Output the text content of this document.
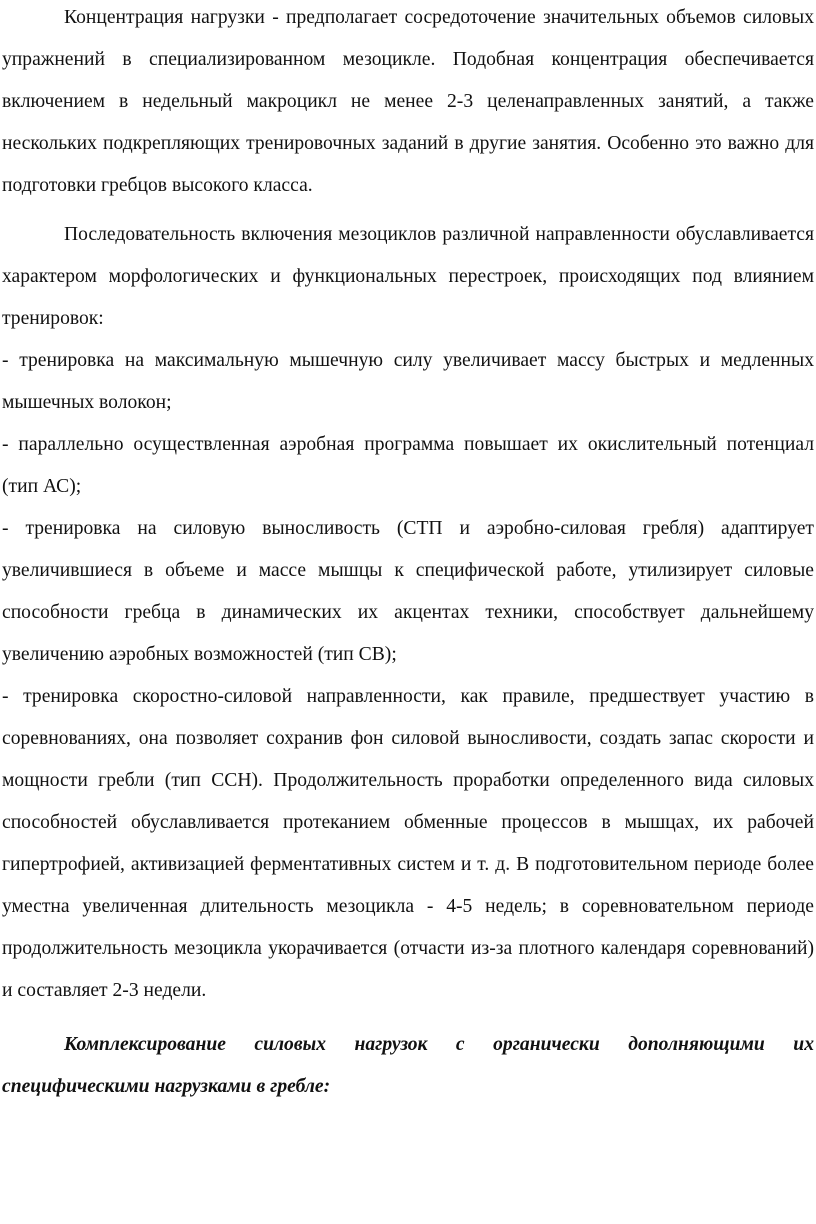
Концентрация нагрузки - предполагает сосредоточение значительных объемов силовых упражнений в специализированном мезоцикле. Подобная концентрация обеспечивается включением в недельный макроцикл не менее 2-3 целенаправленных занятий, а также нескольких подкрепляющих тренировочных заданий в другие занятия. Особенно это важно для подготовки гребцов высокого класса.

Последовательность включения мезоциклов различной направленности обуславливается характером морфологических и функциональных перестроек, происходящих под влиянием тренировок:

- тренировка на максимальную мышечную силу увеличивает массу быстрых и медленных мышечных волокон;

- параллельно осуществленная аэробная программа повышает их окислительный потенциал (тип АС);

- тренировка на силовую выносливость (СТП и аэробно-силовая гребля) адаптирует увеличившиеся в объеме и массе мышцы к специфической работе, утилизирует силовые способности гребца в динамических их акцентах техники, способствует дальнейшему увеличению аэробных возможностей (тип СВ);

- тренировка скоростно-силовой направленности, как правиле, предшествует участию в соревнованиях, она позволяет сохранив фон силовой выносливости, создать запас скорости и мощности гребли (тип ССН). Продолжительность проработки определенного вида силовых способностей обуславливается протеканием обменные процессов в мышцах, их рабочей гипертрофией, активизацией ферментативных систем и т. д. В подготовительном периоде более уместна увеличенная длительность мезоцикла - 4-5 недель; в соревновательном периоде продолжительность мезоцикла укорачивается (отчасти из-за плотного календаря соревнований) и составляет 2-3 недели.

Комплексирование силовых нагрузок с органически дополняющими их специфическими нагрузками в гребле:
